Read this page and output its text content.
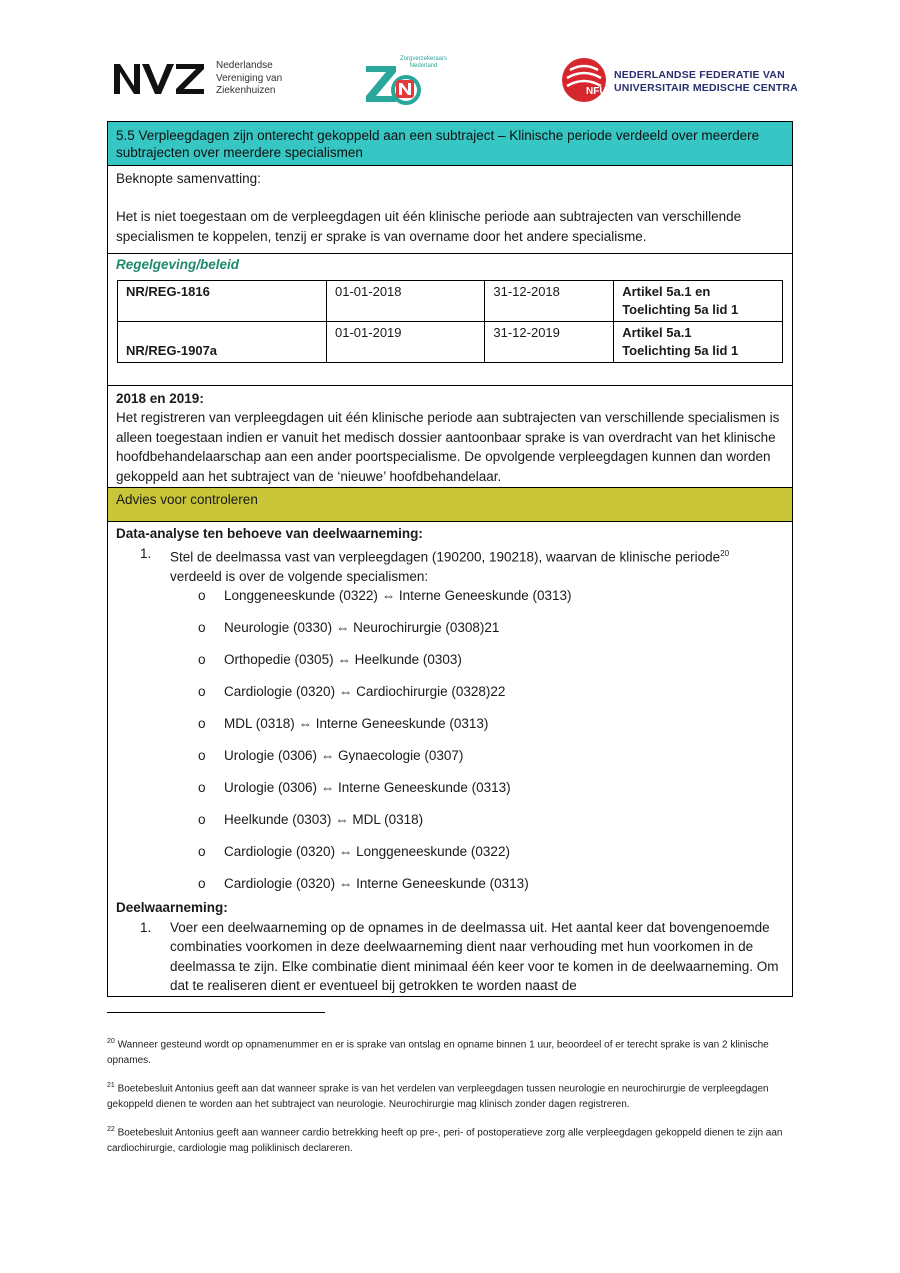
Nederlandse
Vereniging van
Ziekenhuizen
Zorgverzekeraars
Nederland
NFU
NEDERLANDSE FEDERATIE VAN
UNIVERSITAIR MEDISCHE CENTRA
5.5 Verpleegdagen zijn onterecht gekoppeld aan een subtraject – Klinische periode verdeeld over meerdere subtrajecten over meerdere specialismen

Beknopte samenvatting:

Het is niet toegestaan om de verpleegdagen uit één klinische periode aan subtrajecten van verschillende specialismen te koppelen, tenzij er sprake is van overname door het andere specialisme.

Regelgeving/beleid
NR/REG-1816	01-01-2018	31-12-2018	Artikel 5a.1 en
Toelichting 5a lid 1

NR/REG-1907a	01-01-2019	31-12-2019	Artikel 5a.1
Toelichting 5a lid 1

2018 en 2019:

Het registreren van verpleegdagen uit één klinische periode aan subtrajecten van verschillende specialismen is alleen toegestaan indien er vanuit het medisch dossier aantoonbaar sprake is van overdracht van het klinische hoofdbehandelaarschap aan een ander poortspecialisme. De opvolgende verpleegdagen kunnen dan worden gekoppeld aan het subtraject van de ‘nieuwe’ hoofdbehandelaar.

Advies voor controleren

Data-analyse ten behoeve van deelwaarneming:

1. Stel de deelmassa vast van verpleegdagen (190200, 190218), waarvan de klinische periode$^{20}$ verdeeld is over de volgende specialismen:
o Longgeneeskunde (0322) ⇔ Interne Geneeskunde (0313)
o Neurologie (0330) ⇔ Neurochirurgie (0308)21
o Orthopedie (0305) ⇔ Heelkunde (0303)
o Cardiologie (0320) ⇔ Cardiochirurgie (0328)22
o MDL (0318) ⇔ Interne Geneeskunde (0313)
o Urologie (0306) ⇔ Gynaecologie (0307)
o Urologie (0306) ⇔ Interne Geneeskunde (0313)
o Heelkunde (0303) ⇔ MDL (0318)
o Cardiologie (0320) ⇔ Longgeneeskunde (0322)
o Cardiologie (0320) ⇔ Interne Geneeskunde (0313)

Deelwaarneming:

1. Voer een deelwaarneming op de opnames in de deelmassa uit. Het aantal keer dat bovengenoemde combinaties voorkomen in deze deelwaarneming dient naar verhouding met hun voorkomen in de deelmassa te zijn. Elke combinatie dient minimaal één keer voor te komen in de deelwaarneming. Om dat te realiseren dient er eventueel bij getrokken te worden naast de
$^{20}$ Wanneer gesteund wordt op opnamenummer en er is sprake van ontslag en opname binnen 1 uur, beoordeel of er terecht sprake is van 2 klinische opnames.
$^{21}$ Boetebesluit Antonius geeft aan dat wanneer sprake is van het verdelen van verpleegdagen tussen neurologie en neurochirurgie de verpleegdagen gekoppeld dienen te worden aan het subtraject van neurologie. Neurochirurgie mag klinisch zonder dagen registreren.
$^{22}$ Boetebesluit Antonius geeft aan wanneer cardio betrekking heeft op pre-, peri- of postoperatieve zorg alle verpleegdagen gekoppeld dienen te zijn aan cardiochirurgie, cardiologie mag poliklinisch declareren.
